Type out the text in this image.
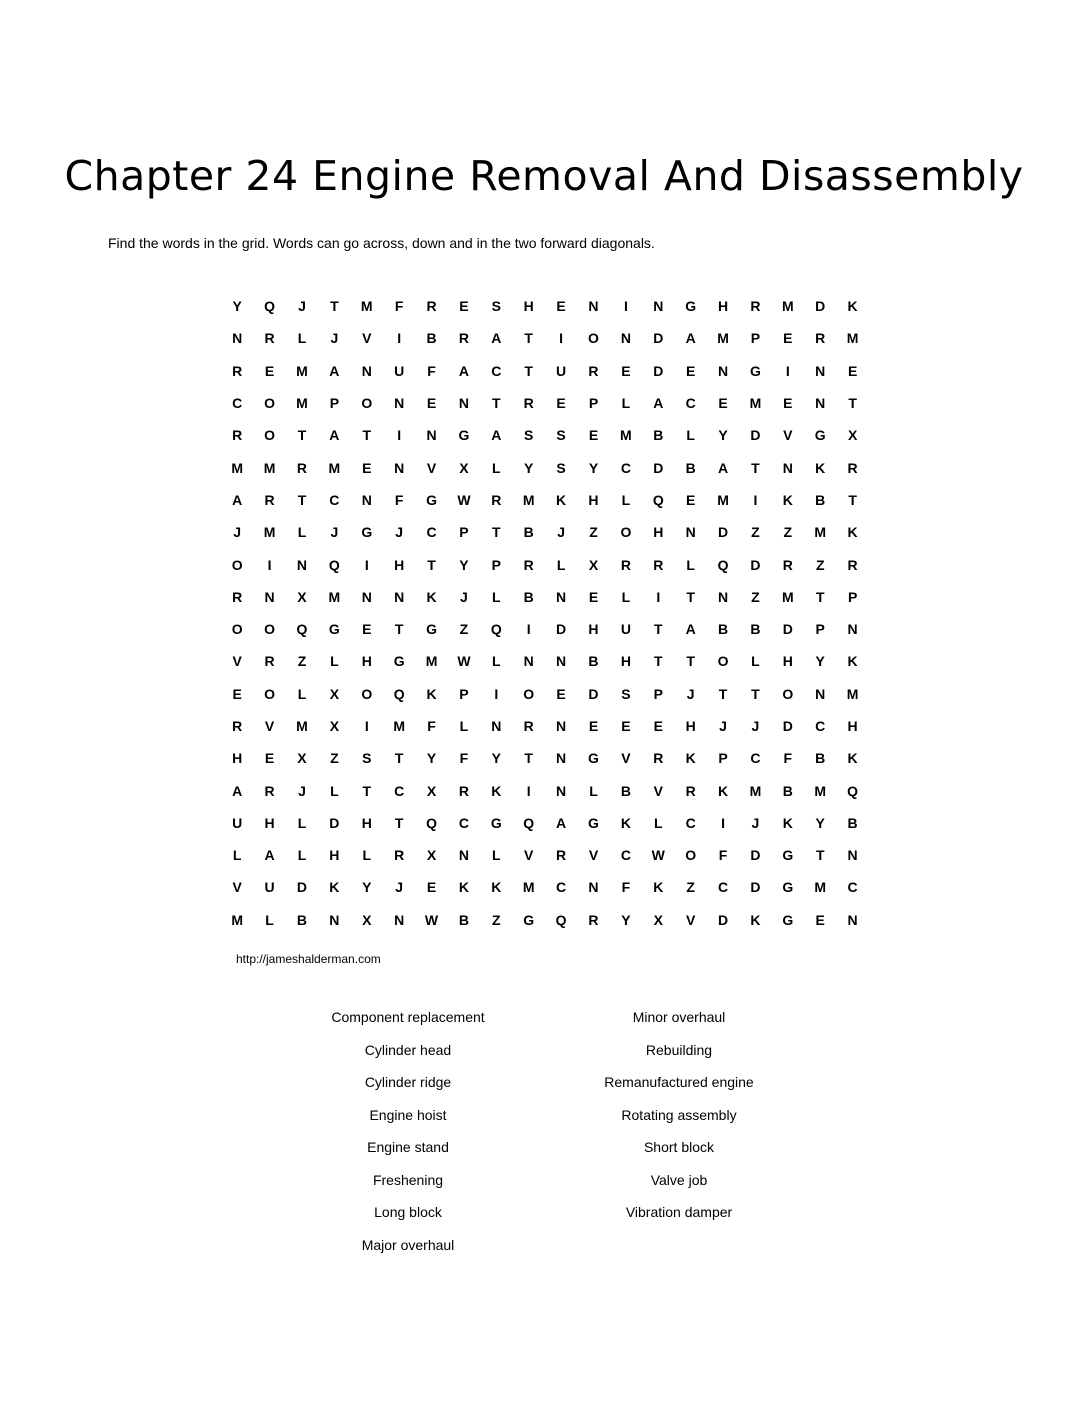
Chapter 24 Engine Removal And Disassembly

Find the words in the grid. Words can go across, down and in the two forward diagonals.

Y	Q	J	T	M	F	R	E	S	H	E	N	I	N	G	H	R	M	D	K
N	R	L	J	V	I	B	R	A	T	I	O	N	D	A	M	P	E	R	M
R	E	M	A	N	U	F	A	C	T	U	R	E	D	E	N	G	I	N	E
C	O	M	P	O	N	E	N	T	R	E	P	L	A	C	E	M	E	N	T
R	O	T	A	T	I	N	G	A	S	S	E	M	B	L	Y	D	V	G	X
M	M	R	M	E	N	V	X	L	Y	S	Y	C	D	B	A	T	N	K	R
A	R	T	C	N	F	G	W	R	M	K	H	L	Q	E	M	I	K	B	T
J	M	L	J	G	J	C	P	T	B	J	Z	O	H	N	D	Z	Z	M	K
O	I	N	Q	I	H	T	Y	P	R	L	X	R	R	L	Q	D	R	Z	R
R	N	X	M	N	N	K	J	L	B	N	E	L	I	T	N	Z	M	T	P
O	O	Q	G	E	T	G	Z	Q	I	D	H	U	T	A	B	B	D	P	N
V	R	Z	L	H	G	M	W	L	N	N	B	H	T	T	O	L	H	Y	K
E	O	L	X	O	Q	K	P	I	O	E	D	S	P	J	T	T	O	N	M
R	V	M	X	I	M	F	L	N	R	N	E	E	E	H	J	J	D	C	H
H	E	X	Z	S	T	Y	F	Y	T	N	G	V	R	K	P	C	F	B	K
A	R	J	L	T	C	X	R	K	I	N	L	B	V	R	K	M	B	M	Q
U	H	L	D	H	T	Q	C	G	Q	A	G	K	L	C	I	J	K	Y	B
L	A	L	H	L	R	X	N	L	V	R	V	C	W	O	F	D	G	T	N
V	U	D	K	Y	J	E	K	K	M	C	N	F	K	Z	C	D	G	M	C
M	L	B	N	X	N	W	B	Z	G	Q	R	Y	X	V	D	K	G	E	N

http://jameshalderman.com

Component replacement
Cylinder head
Cylinder ridge
Engine hoist
Engine stand
Freshening
Long block
Major overhaul
Minor overhaul
Rebuilding
Remanufactured engine
Rotating assembly
Short block
Valve job
Vibration damper
